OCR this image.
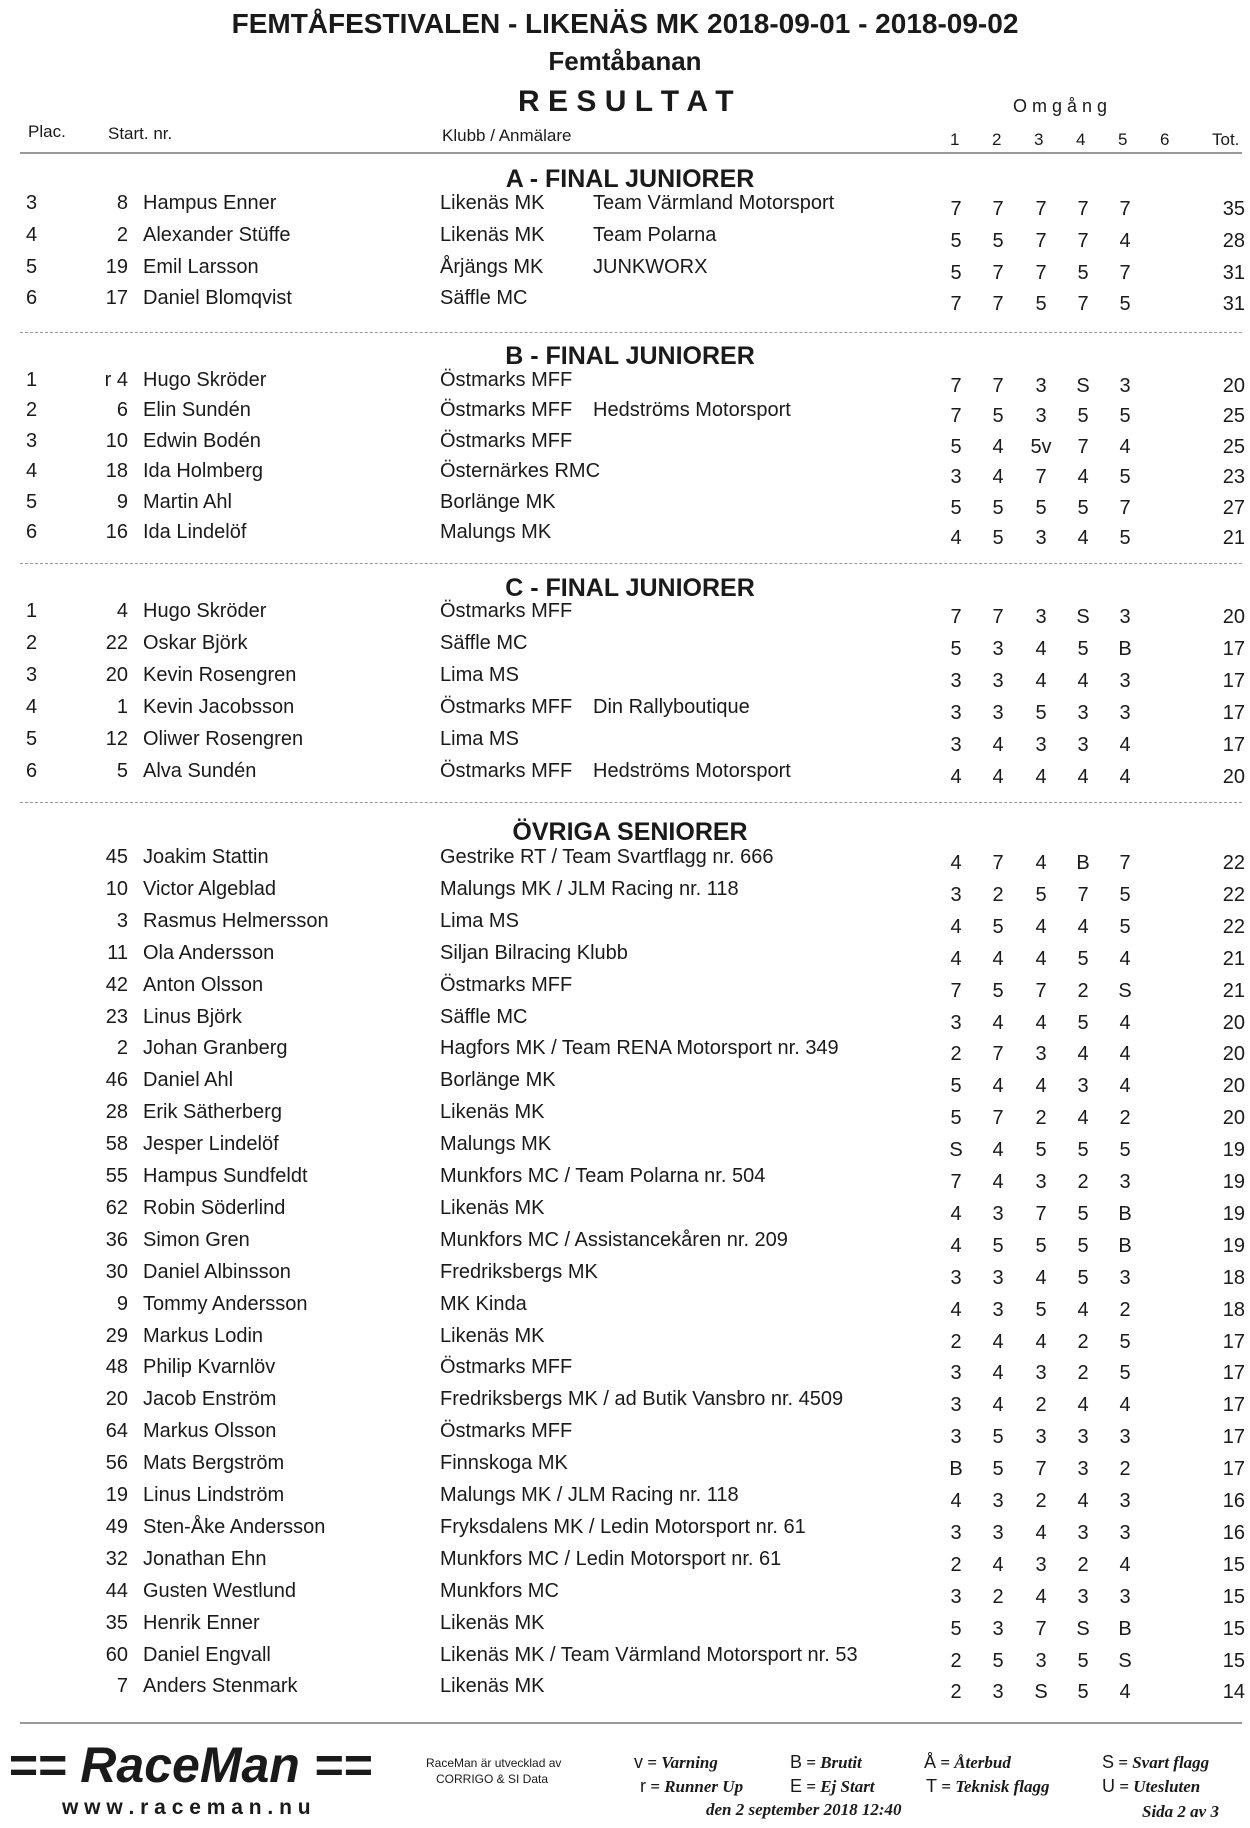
FEMTÅFESTIVALEN - LIKENÄS MK 2018-09-01 - 2018-09-02
Femtåbanan
R E S U L T A T	O m g å n g
Plac. Start. nr.	Klubb / Anmälare	1 2 3 4 5 6	Tot.
A - FINAL JUNIORER
3	8 Hampus Enner	Likenäs MK Team Värmland Motorsport	7	7	7	7	7	35
4	2 Alexander Stüffe	Likenäs MK Team Polarna	5	5	7	7	4	28
5	19 Emil Larsson	Årjängs MK JUNKWORX	5	7	7	5	7	31
6	17 Daniel Blomqvist	Säffle MC	7	7	5	7	5	31
B - FINAL JUNIORER
1	r 4 Hugo Skröder	Östmarks MFF	7	7	3	S	3	20
2	6 Elin Sundén	Östmarks MFF Hedströms Motorsport	7	5	3	5	5	25
3	10 Edwin Bodén	Östmarks MFF	5	4	5v	7	4	25
4	18 Ida Holmberg	Östernärkes RMC	3	4	7	4	5	23
5	9 Martin Ahl	Borlänge MK	5	5	5	5	7	27
6	16 Ida Lindelöf	Malungs MK	4	5	3	4	5	21
C - FINAL JUNIORER
1	4 Hugo Skröder	Östmarks MFF	7	7	3	S	3	20
2	22 Oskar Björk	Säffle MC	5	3	4	5	B	17
3	20 Kevin Rosengren	Lima MS	3	3	4	4	3	17
4	1 Kevin Jacobsson	Östmarks MFF Din Rallyboutique	3	3	5	3	3	17
5	12 Oliwer Rosengren	Lima MS	3	4	3	3	4	17
6	5 Alva Sundén	Östmarks MFF Hedströms Motorsport	4	4	4	4	4	20
ÖVRIGA SENIORER
45 Joakim Stattin	Gestrike RT / Team Svartflagg nr. 666	4	7	4	B	7	22
10 Victor Algeblad	Malungs MK / JLM Racing nr. 118	3	2	5	7	5	22
3 Rasmus Helmersson	Lima MS	4	5	4	4	5	22
11 Ola Andersson	Siljan Bilracing Klubb	4	4	4	5	4	21
42 Anton Olsson	Östmarks MFF	7	5	7	2	S	21
23 Linus Björk	Säffle MC	3	4	4	5	4	20
2 Johan Granberg	Hagfors MK / Team RENA Motorsport nr. 349	2	7	3	4	4	20
46 Daniel Ahl	Borlänge MK	5	4	4	3	4	20
28 Erik Sätherberg	Likenäs MK	5	7	2	4	2	20
58 Jesper Lindelöf	Malungs MK	S	4	5	5	5	19
55 Hampus Sundfeldt	Munkfors MC / Team Polarna nr. 504	7	4	3	2	3	19
62 Robin Söderlind	Likenäs MK	4	3	7	5	B	19
36 Simon Gren	Munkfors MC / Assistancekåren nr. 209	4	5	5	5	B	19
30 Daniel Albinsson	Fredriksbergs MK	3	3	4	5	3	18
9 Tommy Andersson	MK Kinda	4	3	5	4	2	18
29 Markus Lodin	Likenäs MK	2	4	4	2	5	17
48 Philip Kvarnlöv	Östmarks MFF	3	4	3	2	5	17
20 Jacob Enström	Fredriksbergs MK / ad Butik Vansbro nr. 4509	3	4	2	4	4	17
64 Markus Olsson	Östmarks MFF	3	5	3	3	3	17
56 Mats Bergström	Finnskoga MK	B	5	7	3	2	17
19 Linus Lindström	Malungs MK / JLM Racing nr. 118	4	3	2	4	3	16
49 Sten-Åke Andersson	Fryksdalens MK / Ledin Motorsport nr. 61	3	3	4	3	3	16
32 Jonathan Ehn	Munkfors MC / Ledin Motorsport nr. 61	2	4	3	2	4	15
44 Gusten Westlund	Munkfors MC	3	2	4	3	3	15
35 Henrik Enner	Likenäs MK	5	3	7	S	B	15
60 Daniel Engvall	Likenäs MK / Team Värmland Motorsport nr. 53	2	5	3	5	S	15
7 Anders Stenmark	Likenäs MK	2	3	S	5	4	14
== RaceMan ==
w w w . r a c e m a n . n u
RaceMan är utvecklad av
CORRIGO & SI Data
v = Varning
r = Runner Up
B = Brutit
E = Ej Start
Å = Återbud
T = Teknisk flagg
S = Svart flagg
U = Utesluten
den 2 september 2018 12:40	Sida 2 av 3
